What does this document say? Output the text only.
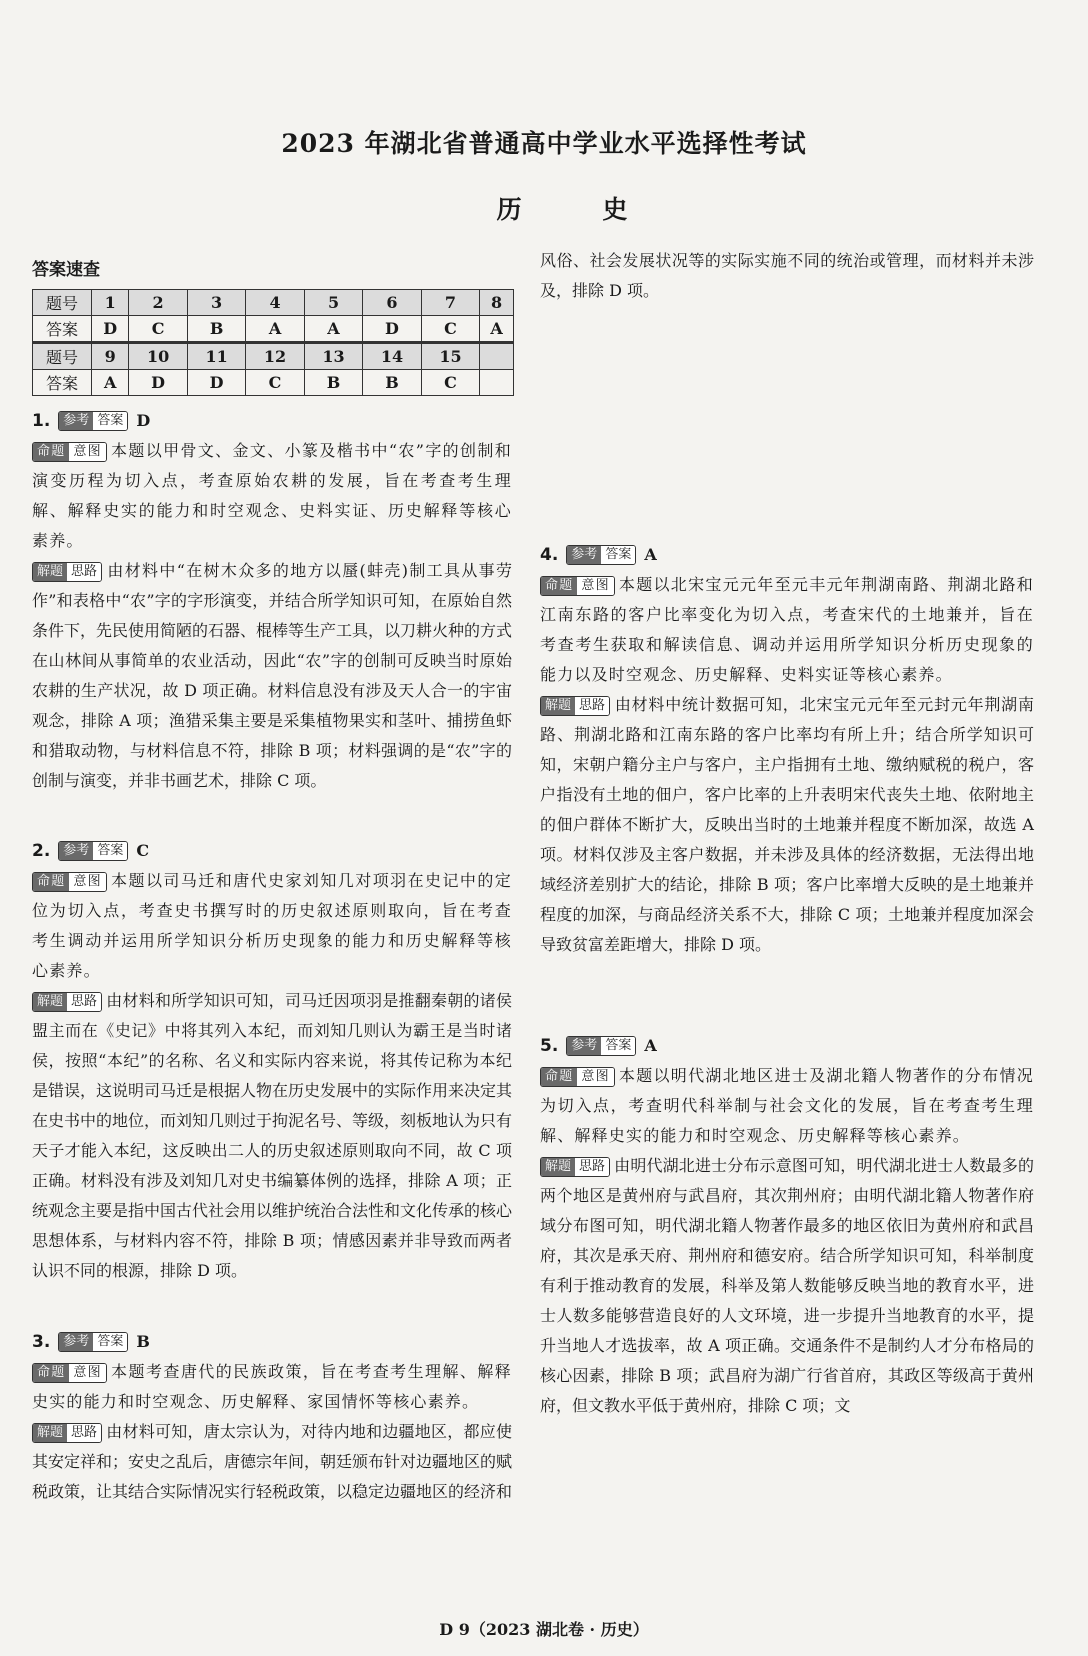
2023 年湖北省普通高中学业水平选择性考试
历 史
答案速查
题号	1	2	3	4	5	6	7	8
答案	D	C	B	A	A	D	C	A
题号	9	10	11	12	13	14	15	
答案	A	D	D	C	B	B	C	
1.	参考 答案 D

命题 意图 本题以甲骨文、金文、小篆及楷书中“农”字的创制和演变历程为切入点，考查原始农耕的发展，旨在考查考生理解、解释史实的能力和时空观念、史料实证、历史解释等核心素养。

解题 思路 由材料中“在树木众多的地方以蜃(蚌壳)制工具从事劳作”和表格中“农”字的字形演变，并结合所学知识可知，在原始自然条件下，先民使用简陋的石器、棍棒等生产工具，以刀耕火种的方式在山林间从事简单的农业活动，因此“农”字的创制可反映当时原始农耕的生产状况，故 D 项正确。材料信息没有涉及天人合一的宇宙观念，排除 A 项；渔猎采集主要是采集植物果实和茎叶、捕捞鱼虾和猎取动物，与材料信息不符，排除 B 项；材料强调的是“农”字的创制与演变，并非书画艺术，排除 C 项。

2.	参考 答案 C

命题 意图 本题以司马迁和唐代史家刘知几对项羽在史记中的定位为切入点，考查史书撰写时的历史叙述原则取向，旨在考查考生调动并运用所学知识分析历史现象的能力和历史解释等核心素养。

解题 思路 由材料和所学知识可知，司马迁因项羽是推翻秦朝的诸侯盟主而在《史记》中将其列入本纪，而刘知几则认为霸王是当时诸侯，按照“本纪”的名称、名义和实际内容来说，将其传记称为本纪是错误，这说明司马迁是根据人物在历史发展中的实际作用来决定其在史书中的地位，而刘知几则过于拘泥名号、等级，刻板地认为只有天子才能入本纪，这反映出二人的历史叙述原则取向不同，故 C 项正确。材料没有涉及刘知几对史书编纂体例的选择，排除 A 项；正统观念主要是指中国古代社会用以维护统治合法性和文化传承的核心思想体系，与材料内容不符，排除 B 项；情感因素并非导致而两者认识不同的根源，排除 D 项。

3.	参考 答案 B

命题 意图 本题考查唐代的民族政策，旨在考查考生理解、解释史实的能力和时空观念、历史解释、家国情怀等核心素养。

解题 思路 由材料可知，唐太宗认为，对待内地和边疆地区，都应使其安定祥和；安史之乱后，唐德宗年间，朝廷颁布针对边疆地区的赋税政策，让其结合实际情况实行轻税政策，以稳定边疆地区的经济和

4.	参考 答案 A

命题 意图 本题以北宋宝元元年至元丰元年荆湖南路、荆湖北路和江南东路的客户比率变化为切入点，考查宋代的土地兼并，旨在考查考生获取和解读信息、调动并运用所学知识分析历史现象的能力以及时空观念、历史解释、史料实证等核心素养。

解题 思路 由材料中统计数据可知，北宋宝元元年至元封元年荆湖南路、荆湖北路和江南东路的客户比率均有所上升；结合所学知识可知，宋朝户籍分主户与客户，主户指拥有土地、缴纳赋税的税户，客户指没有土地的佃户，客户比率的上升表明宋代丧失土地、依附地主的佃户群体不断扩大，反映出当时的土地兼并程度不断加深，故选 A 项。材料仅涉及主客户数据，并未涉及具体的经济数据，无法得出地域经济差别扩大的结论，排除 B 项；客户比率增大反映的是土地兼并程度的加深，与商品经济关系不大，排除 C 项；土地兼并程度加深会导致贫富差距增大，排除 D 项。

5.	参考 答案 A

命题 意图 本题以明代湖北地区进士及湖北籍人物著作的分布情况为切入点，考查明代科举制与社会文化的发展，旨在考查考生理解、解释史实的能力和时空观念、历史解释等核心素养。

解题 思路 由明代湖北进士分布示意图可知，明代湖北进士人数最多的两个地区是黄州府与武昌府，其次荆州府；由明代湖北籍人物著作府域分布图可知，明代湖北籍人物著作最多的地区依旧为黄州府和武昌府，其次是承天府、荆州府和德安府。结合所学知识可知，科举制度有利于推动教育的发展，科举及第人数能够反映当地的教育水平，进士人数多能够营造良好的人文环境，进一步提升当地教育的水平，提升当地人才选拔率，故 A 项正确。交通条件不是制约人才分布格局的核心因素，排除 B 项；武昌府为湖广行省首府，其政区等级高于黄州府，但文教水平低于黄州府，排除 C 项；文

风俗、社会发展状况等的实际实施不同的统治或管理，而材料并未涉及，排除 D 项。

D 9（2023 湖北卷 · 历史）
